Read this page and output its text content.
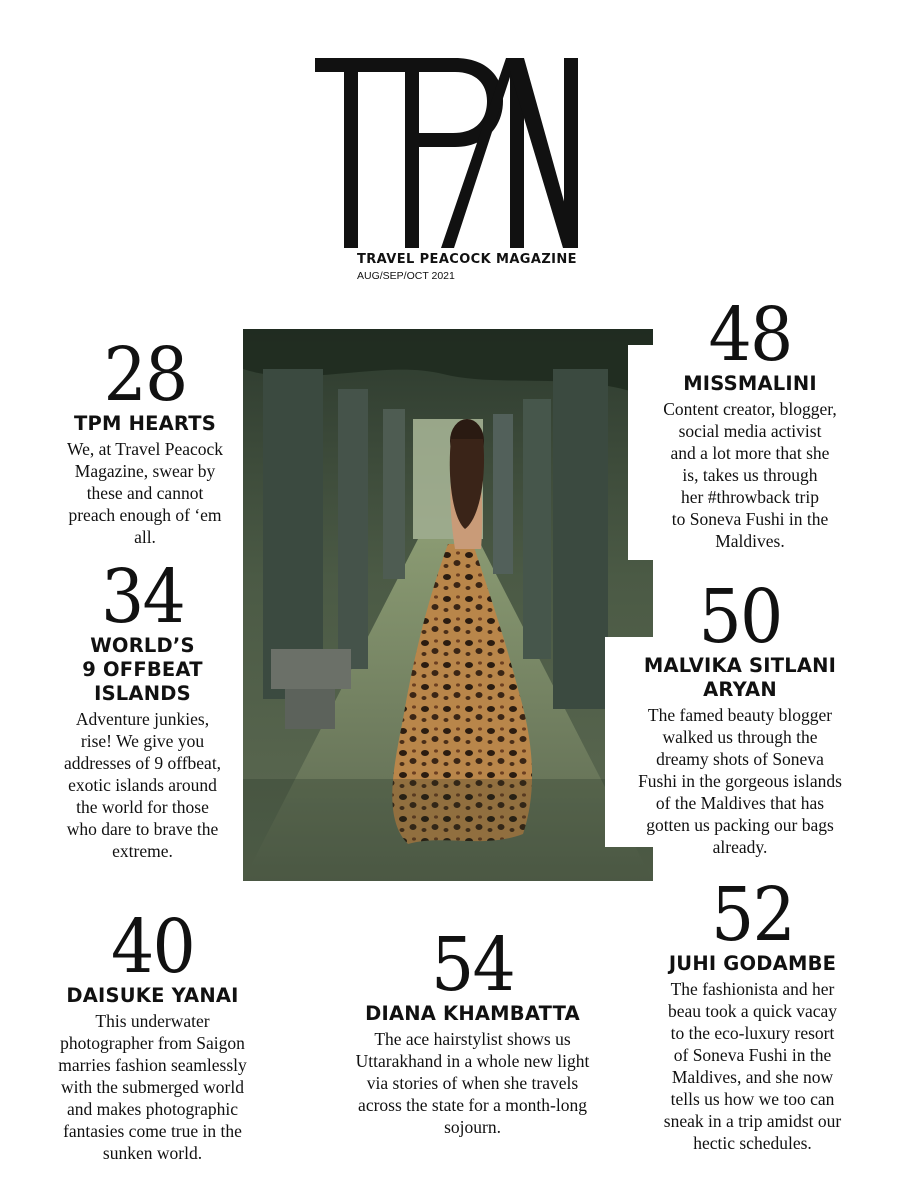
TRAVEL PEACOCK MAGAZINE
AUG/SEP/OCT 2021
28
TPM HEARTS
We, at Travel Peacock
Magazine, swear by
these and cannot
preach enough of ‘em
all.
34
WORLD’S
9 OFFBEAT
ISLANDS
Adventure junkies,
rise! We give you
addresses of 9 offbeat,
exotic islands around
the world for those
who dare to brave the
extreme.
40
DAISUKE YANAI
This underwater
photographer from Saigon
marries fashion seamlessly
with the submerged world
and makes photographic
fantasies come true in the
sunken world.
48
MISSMALINI
Content creator, blogger,
social media activist
and a lot more that she
is, takes us through
her #throwback trip
to Soneva Fushi in the
Maldives.
50
MALVIKA SITLANI
ARYAN
The famed beauty blogger
walked us through the
dreamy shots of Soneva
Fushi in the gorgeous islands
of the Maldives that has
gotten us packing our bags
already.
52
JUHI GODAMBE
The fashionista and her
beau took a quick vacay
to the eco-luxury resort
of Soneva Fushi in the
Maldives, and she now
tells us how we too can
sneak in a trip amidst our
hectic schedules.
54
DIANA KHAMBATTA
The ace hairstylist shows us
Uttarakhand in a whole new light
via stories of when she travels
across the state for a month-long
sojourn.
